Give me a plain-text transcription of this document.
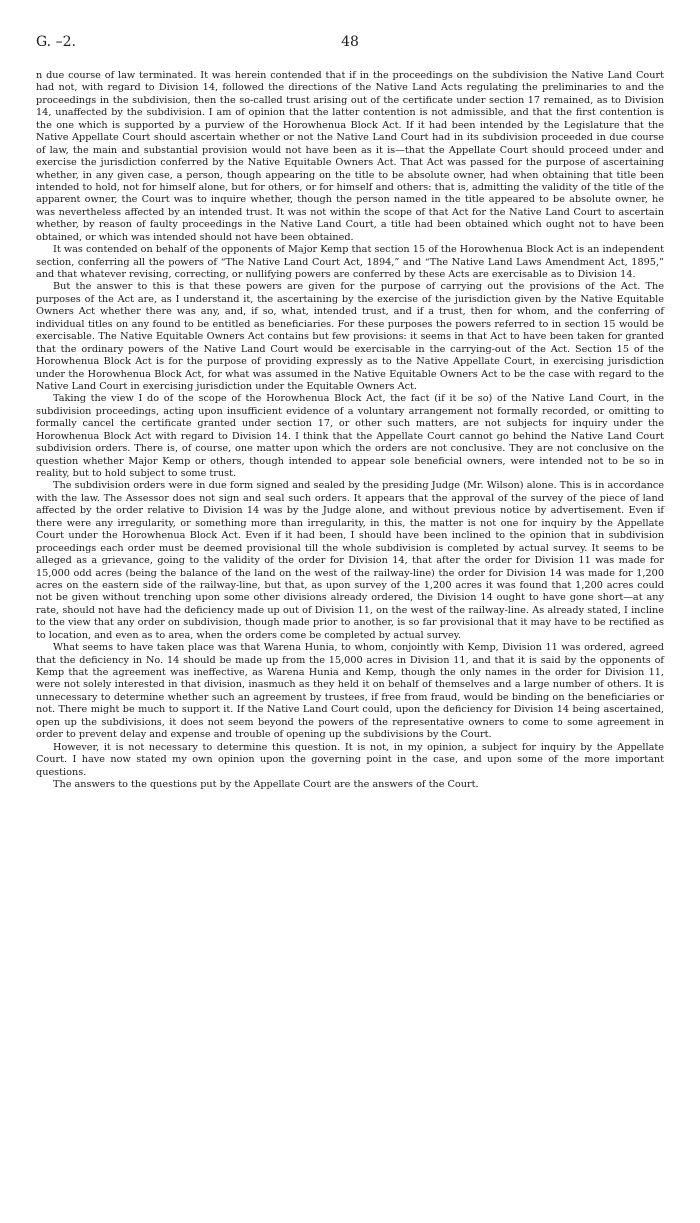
G. –2.	48

n due course of law terminated. It was herein contended that if in the proceedings on the subdivision the Native Land Court had not, with regard to Division 14, followed the directions of the Native Land Acts regulating the preliminaries to and the proceedings in the subdivision, then the so-called trust arising out of the certificate under section 17 remained, as to Division 14, unaffected by the subdivision. I am of opinion that the latter contention is not admissible, and that the first contention is the one which is supported by a purview of the Horowhenua Block Act. If it had been intended by the Legislature that the Native Appellate Court should ascertain whether or not the Native Land Court had in its subdivision proceeded in due course of law, the main and substantial provision would not have been as it is—that the Appellate Court should proceed under and exercise the jurisdiction conferred by the Native Equitable Owners Act. That Act was passed for the purpose of ascertaining whether, in any given case, a person, though appearing on the title to be absolute owner, had when obtaining that title been intended to hold, not for himself alone, but for others, or for himself and others: that is, admitting the validity of the title of the apparent owner, the Court was to inquire whether, though the person named in the title appeared to be absolute owner, he was nevertheless affected by an intended trust. It was not within the scope of that Act for the Native Land Court to ascertain whether, by reason of faulty proceedings in the Native Land Court, a title had been obtained which ought not to have been obtained, or which was intended should not have been obtained.

It was contended on behalf of the opponents of Major Kemp that section 15 of the Horowhenua Block Act is an independent section, conferring all the powers of “The Native Land Court Act, 1894,” and “The Native Land Laws Amendment Act, 1895,” and that whatever revising, correcting, or nullifying powers are conferred by these Acts are exercisable as to Division 14.

But the answer to this is that these powers are given for the purpose of carrying out the provisions of the Act. The purposes of the Act are, as I understand it, the ascertaining by the exercise of the jurisdiction given by the Native Equitable Owners Act whether there was any, and, if so, what, intended trust, and if a trust, then for whom, and the conferring of individual titles on any found to be entitled as beneficiaries. For these purposes the powers referred to in section 15 would be exercisable. The Native Equitable Owners Act contains but few provisions: it seems in that Act to have been taken for granted that the ordinary powers of the Native Land Court would be exercisable in the carrying-out of the Act. Section 15 of the Horowhenua Block Act is for the purpose of providing expressly as to the Native Appellate Court, in exercising jurisdiction under the Horowhenua Block Act, for what was assumed in the Native Equitable Owners Act to be the case with regard to the Native Land Court in exercising jurisdiction under the Equitable Owners Act.

Taking the view I do of the scope of the Horowhenua Block Act, the fact (if it be so) of the Native Land Court, in the subdivision proceedings, acting upon insufficient evidence of a voluntary arrangement not formally recorded, or omitting to formally cancel the certificate granted under section 17, or other such matters, are not subjects for inquiry under the Horowhenua Block Act with regard to Division 14. I think that the Appellate Court cannot go behind the Native Land Court subdivision orders. There is, of course, one matter upon which the orders are not conclusive. They are not conclusive on the question whether Major Kemp or others, though intended to appear sole beneficial owners, were intended not to be so in reality, but to hold subject to some trust.

The subdivision orders were in due form signed and sealed by the presiding Judge (Mr. Wilson) alone. This is in accordance with the law. The Assessor does not sign and seal such orders. It appears that the approval of the survey of the piece of land affected by the order relative to Division 14 was by the Judge alone, and without previous notice by advertisement. Even if there were any irregularity, or something more than irregularity, in this, the matter is not one for inquiry by the Appellate Court under the Horowhenua Block Act. Even if it had been, I should have been inclined to the opinion that in subdivision proceedings each order must be deemed provisional till the whole subdivision is completed by actual survey. It seems to be alleged as a grievance, going to the validity of the order for Division 14, that after the order for Division 11 was made for 15,000 odd acres (being the balance of the land on the west of the railway-line) the order for Division 14 was made for 1,200 acres on the eastern side of the railway-line, but that, as upon survey of the 1,200 acres it was found that 1,200 acres could not be given without trenching upon some other divisions already ordered, the Division 14 ought to have gone short—at any rate, should not have had the deficiency made up out of Division 11, on the west of the railway-line. As already stated, I incline to the view that any order on subdivision, though made prior to another, is so far provisional that it may have to be rectified as to location, and even as to area, when the orders come be completed by actual survey.

What seems to have taken place was that Warena Hunia, to whom, conjointly with Kemp, Division 11 was ordered, agreed that the deficiency in No. 14 should be made up from the 15,000 acres in Division 11, and that it is said by the opponents of Kemp that the agreement was ineffective, as Warena Hunia and Kemp, though the only names in the order for Division 11, were not solely interested in that division, inasmuch as they held it on behalf of themselves and a large number of others. It is unnecessary to determine whether such an agreement by trustees, if free from fraud, would be binding on the beneficiaries or not. There might be much to support it. If the Native Land Court could, upon the deficiency for Division 14 being ascertained, open up the subdivisions, it does not seem beyond the powers of the representative owners to come to some agreement in order to prevent delay and expense and trouble of opening up the subdivisions by the Court.

However, it is not necessary to determine this question. It is not, in my opinion, a subject for inquiry by the Appellate Court. I have now stated my own opinion upon the governing point in the case, and upon some of the more important questions.

The answers to the questions put by the Appellate Court are the answers of the Court.
